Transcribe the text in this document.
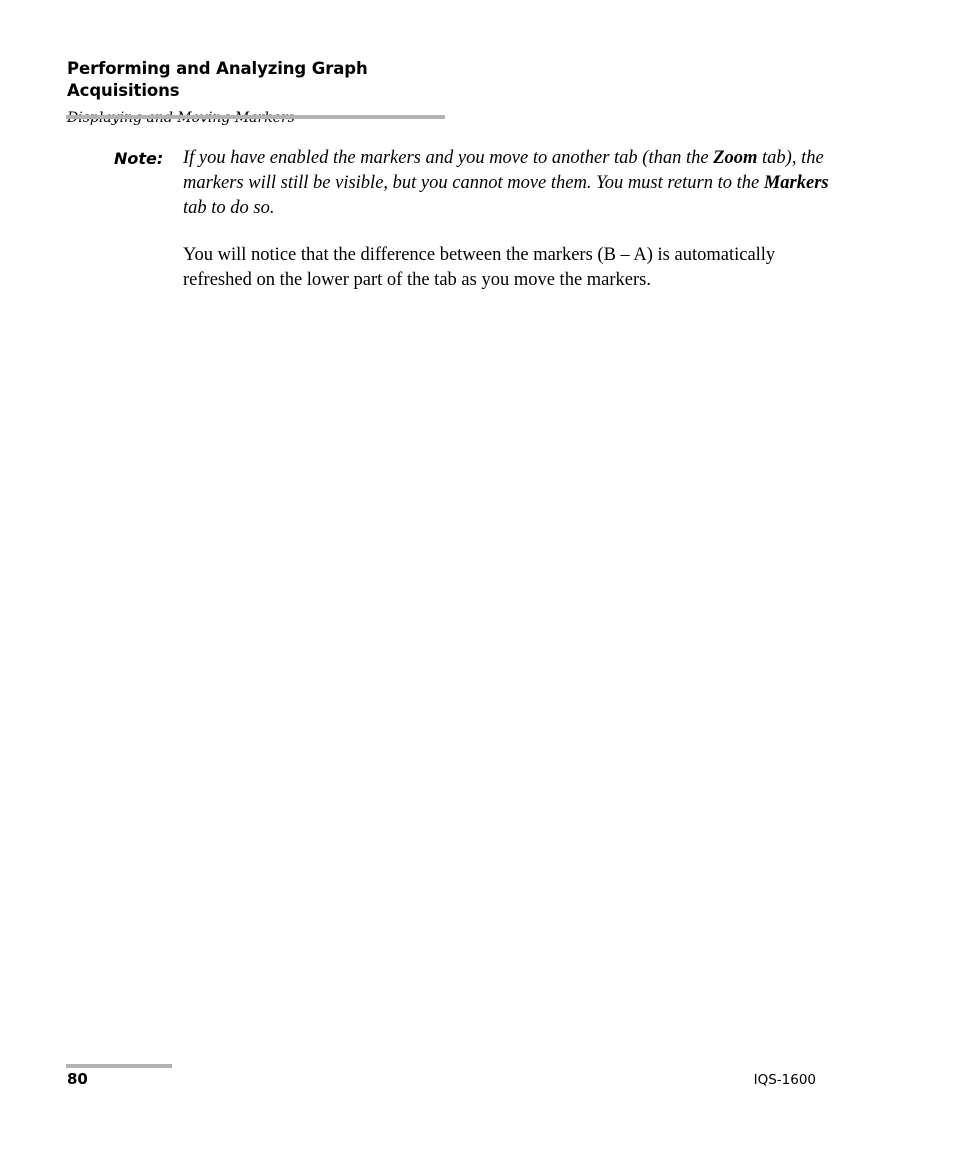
Performing and Analyzing Graph Acquisitions
Note: If you have enabled the markers and you move to another tab (than the Zoom tab), the markers will still be visible, but you cannot move them. You must return to the Markers tab to do so.
You will notice that the difference between the markers (B – A) is automatically refreshed on the lower part of the tab as you move the markers.
80	IQS-1600
